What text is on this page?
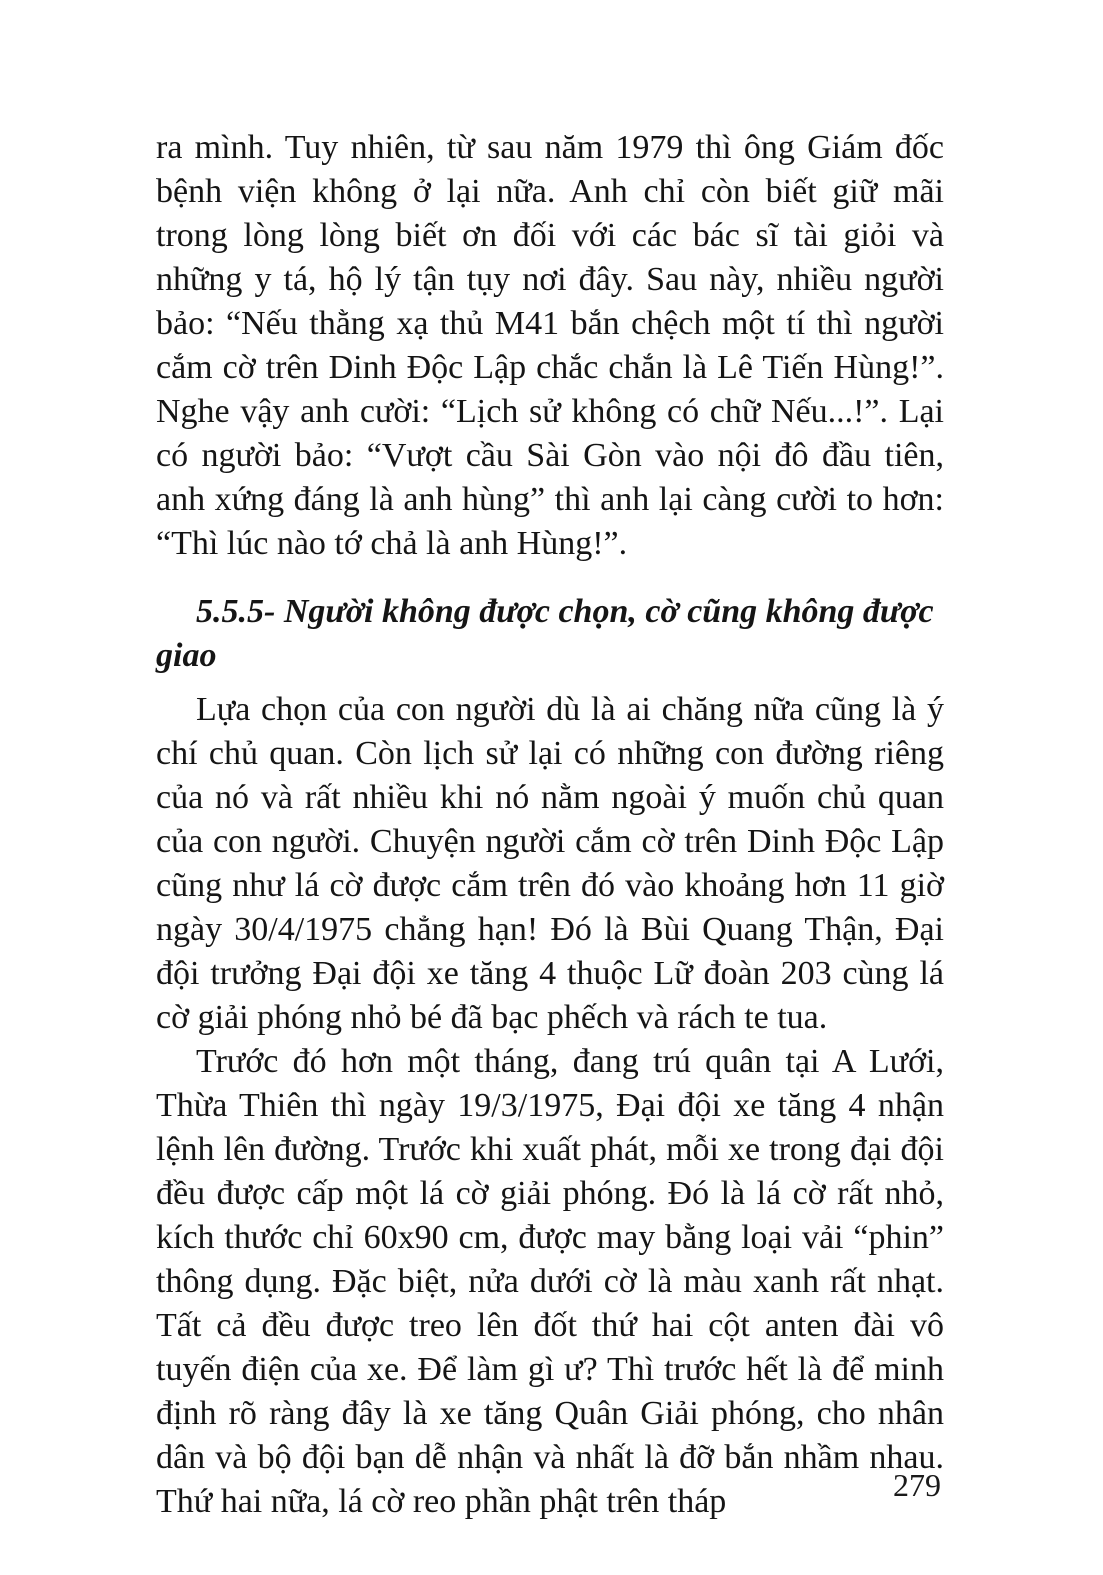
ra mình. Tuy nhiên, từ sau năm 1979 thì ông Giám đốc bệnh viện không ở lại nữa. Anh chỉ còn biết giữ mãi trong lòng lòng biết ơn đối với các bác sĩ tài giỏi và những y tá, hộ lý tận tụy nơi đây. Sau này, nhiều người bảo: “Nếu thằng xạ thủ M41 bắn chệch một tí thì người cắm cờ trên Dinh Độc Lập chắc chắn là Lê Tiến Hùng!”. Nghe vậy anh cười: “Lịch sử không có chữ Nếu...!”. Lại có người bảo: “Vượt cầu Sài Gòn vào nội đô đầu tiên, anh xứng đáng là anh hùng” thì anh lại càng cười to hơn: “Thì lúc nào tớ chả là anh Hùng!”.

5.5.5- Người không được chọn, cờ cũng không được giao

Lựa chọn của con người dù là ai chăng nữa cũng là ý chí chủ quan. Còn lịch sử lại có những con đường riêng của nó và rất nhiều khi nó nằm ngoài ý muốn chủ quan của con người. Chuyện người cắm cờ trên Dinh Độc Lập cũng như lá cờ được cắm trên đó vào khoảng hơn 11 giờ ngày 30/4/1975 chẳng hạn! Đó là Bùi Quang Thận, Đại đội trưởng Đại đội xe tăng 4 thuộc Lữ đoàn 203 cùng lá cờ giải phóng nhỏ bé đã bạc phếch và rách te tua.

Trước đó hơn một tháng, đang trú quân tại A Lưới, Thừa Thiên thì ngày 19/3/1975, Đại đội xe tăng 4 nhận lệnh lên đường. Trước khi xuất phát, mỗi xe trong đại đội đều được cấp một lá cờ giải phóng. Đó là lá cờ rất nhỏ, kích thước chỉ 60x90 cm, được may bằng loại vải “phin” thông dụng. Đặc biệt, nửa dưới cờ là màu xanh rất nhạt. Tất cả đều được treo lên đốt thứ hai cột anten đài vô tuyến điện của xe. Để làm gì ư? Thì trước hết là để minh định rõ ràng đây là xe tăng Quân Giải phóng, cho nhân dân và bộ đội bạn dễ nhận và nhất là đỡ bắn nhầm nhau. Thứ hai nữa, lá cờ reo phần phật trên tháp	279
